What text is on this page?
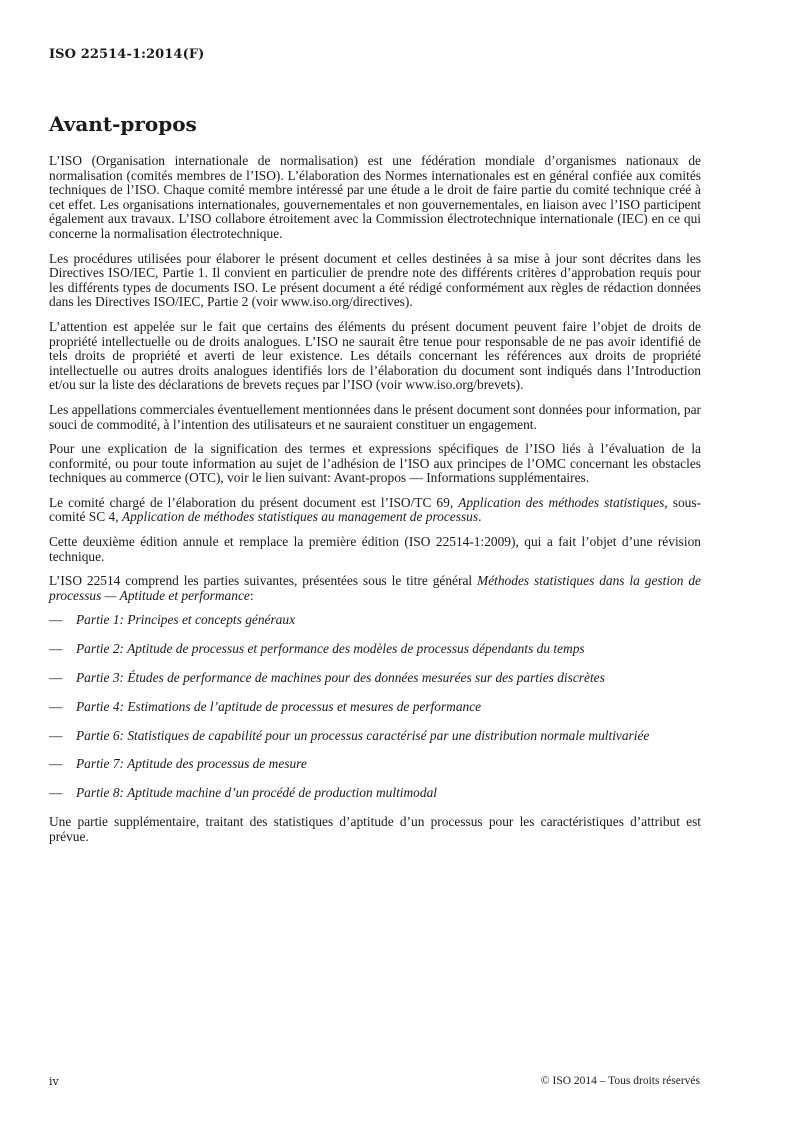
ISO 22514-1:2014(F)
Avant-propos

L’ISO (Organisation internationale de normalisation) est une fédération mondiale d’organismes nationaux de normalisation (comités membres de l’ISO). L’élaboration des Normes internationales est en général confiée aux comités techniques de l’ISO. Chaque comité membre intéressé par une étude a le droit de faire partie du comité technique créé à cet effet. Les organisations internationales, gouvernementales et non gouvernementales, en liaison avec l’ISO participent également aux travaux. L’ISO collabore étroitement avec la Commission électrotechnique internationale (IEC) en ce qui concerne la normalisation électrotechnique.

Les procédures utilisées pour élaborer le présent document et celles destinées à sa mise à jour sont décrites dans les Directives ISO/IEC, Partie 1. Il convient en particulier de prendre note des différents critères d’approbation requis pour les différents types de documents ISO. Le présent document a été rédigé conformément aux règles de rédaction données dans les Directives ISO/IEC, Partie 2 (voir www.iso.org/directives).

L’attention est appelée sur le fait que certains des éléments du présent document peuvent faire l’objet de droits de propriété intellectuelle ou de droits analogues. L’ISO ne saurait être tenue pour responsable de ne pas avoir identifié de tels droits de propriété et averti de leur existence. Les détails concernant les références aux droits de propriété intellectuelle ou autres droits analogues identifiés lors de l’élaboration du document sont indiqués dans l’Introduction et/ou sur la liste des déclarations de brevets reçues par l’ISO (voir www.iso.org/brevets).

Les appellations commerciales éventuellement mentionnées dans le présent document sont données pour information, par souci de commodité, à l’intention des utilisateurs et ne sauraient constituer un engagement.

Pour une explication de la signification des termes et expressions spécifiques de l’ISO liés à l’évaluation de la conformité, ou pour toute information au sujet de l’adhésion de l’ISO aux principes de l’OMC concernant les obstacles techniques au commerce (OTC), voir le lien suivant: Avant-propos — Informations supplémentaires.

Le comité chargé de l’élaboration du présent document est l’ISO/TC 69, Application des méthodes statistiques, sous-comité SC 4, Application de méthodes statistiques au management de processus.

Cette deuxième édition annule et remplace la première édition (ISO 22514-1:2009), qui a fait l’objet d’une révision technique.

L’ISO 22514 comprend les parties suivantes, présentées sous le titre général Méthodes statistiques dans la gestion de processus — Aptitude et performance:

—
Partie 1: Principes et concepts généraux
—
Partie 2: Aptitude de processus et performance des modèles de processus dépendants du temps
—
Partie 3: Études de performance de machines pour des données mesurées sur des parties discrètes
—
Partie 4: Estimations de l’aptitude de processus et mesures de performance
—
Partie 6: Statistiques de capabilité pour un processus caractérisé par une distribution normale multivariée
—
Partie 7: Aptitude des processus de mesure
—
Partie 8: Aptitude machine d’un procédé de production multimodal

Une partie supplémentaire, traitant des statistiques d’aptitude d’un processus pour les caractéristiques d’attribut est prévue.

iv	© ISO 2014 – Tous droits réservés
